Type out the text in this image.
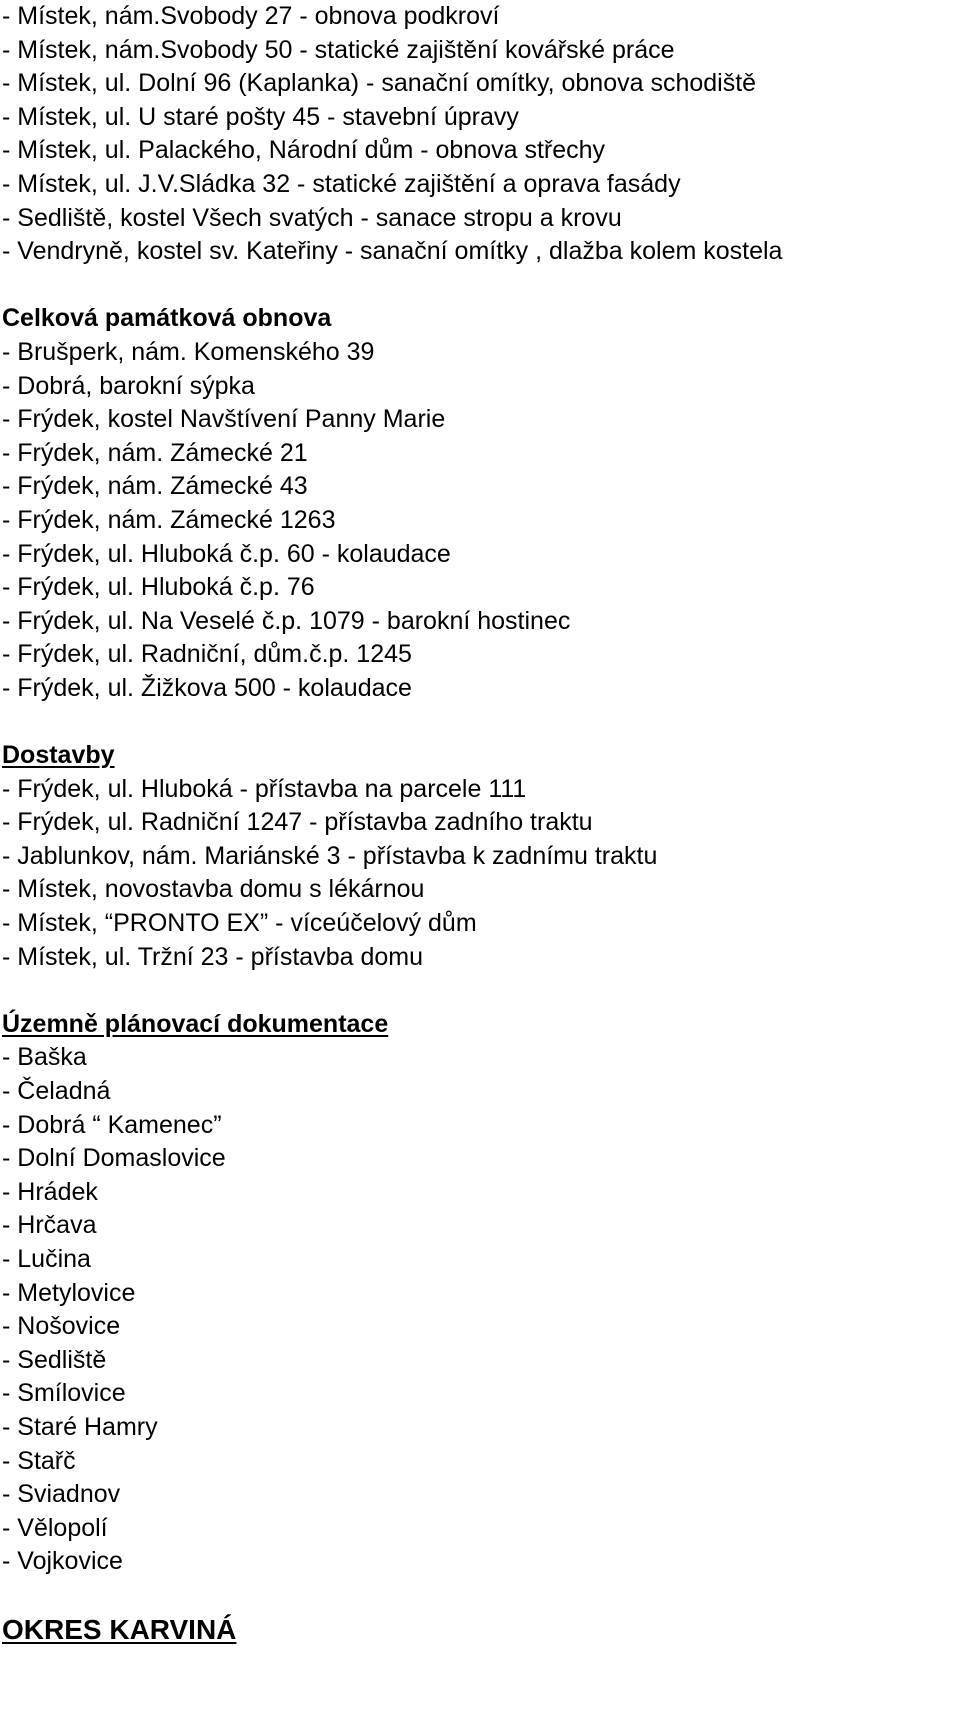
- Místek, nám.Svobody 27 - obnova podkroví
- Místek, nám.Svobody 50 - statické zajištění kovářské práce
- Místek, ul. Dolní 96 (Kaplanka) - sanační omítky, obnova schodiště
- Místek, ul. U staré pošty 45 - stavební úpravy
- Místek, ul. Palackého, Národní dům - obnova střechy
- Místek, ul. J.V.Sládka 32 - statické zajištění a oprava fasády
- Sedliště, kostel Všech svatých - sanace stropu a krovu
- Vendryně, kostel sv. Kateřiny - sanační omítky , dlažba kolem kostela
Celková památková obnova
- Brušperk, nám. Komenského 39
- Dobrá, barokní sýpka
- Frýdek, kostel Navštívení Panny Marie
- Frýdek, nám. Zámecké 21
- Frýdek, nám. Zámecké 43
- Frýdek, nám. Zámecké 1263
- Frýdek, ul. Hluboká č.p. 60 - kolaudace
- Frýdek, ul. Hluboká č.p. 76
- Frýdek, ul. Na Veselé č.p. 1079 - barokní hostinec
- Frýdek, ul. Radniční, dům.č.p. 1245
- Frýdek, ul. Žižkova 500 - kolaudace
Dostavby
- Frýdek, ul. Hluboká - přístavba na parcele 111
- Frýdek, ul. Radniční 1247 - přístavba zadního traktu
- Jablunkov, nám. Mariánské 3 - přístavba k zadnímu traktu
- Místek, novostavba domu s lékárnou
- Místek, “PRONTO EX” - víceúčelový dům
- Místek, ul. Tržní 23 - přístavba domu
Územně plánovací dokumentace
- Baška
- Čeladná
- Dobrá “ Kamenec”
- Dolní Domaslovice
- Hrádek
- Hrčava
- Lučina
- Metylovice
- Nošovice
- Sedliště
- Smílovice
- Staré Hamry
- Stařč
- Sviadnov
- Vělopolí
- Vojkovice
OKRES KARVINÁ
